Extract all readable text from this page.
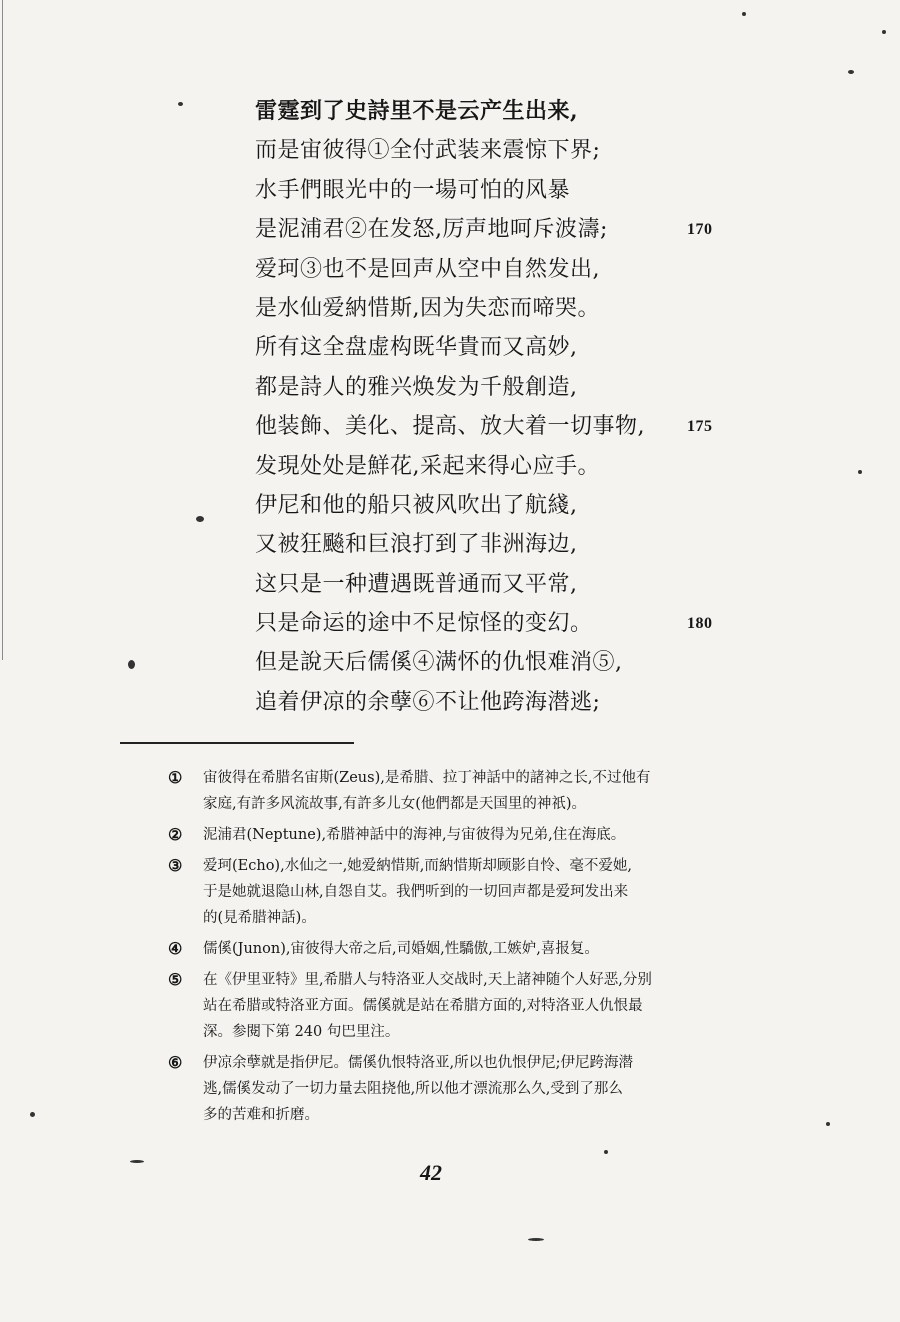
雷霆到了史詩里不是云产生出来,
而是宙彼得①全付武装来震惊下界;
水手們眼光中的一場可怕的风暴
是泥浦君②在发怒,厉声地呵斥波濤;	170
爱珂③也不是回声从空中自然发出,
是水仙爱納惜斯,因为失恋而啼哭。
所有这全盘虚构既华貴而又高妙,
都是詩人的雅兴焕发为千般創造,
他装飾、美化、提高、放大着一切事物,	175
发現处处是鮮花,采起来得心应手。
伊尼和他的船只被风吹出了航綫,
又被狂飈和巨浪打到了非洲海边,
这只是一种遭遇既普通而又平常,
只是命运的途中不足惊怪的变幻。	180
但是說天后儒傒④满怀的仇恨难消⑤,
追着伊凉的余孽⑥不让他跨海潜逃;
① 宙彼得在希腊名宙斯(Zeus),是希腊、拉丁神話中的諸神之长,不过他有
家庭,有許多风流故事,有許多儿女(他們都是天国里的神祇)。
② 泥浦君(Neptune),希腊神話中的海神,与宙彼得为兄弟,住在海底。
③ 爱珂(Echo),水仙之一,她爱納惜斯,而納惜斯却顾影自怜、毫不爱她,
于是她就退隐山林,自怨自艾。我們听到的一切回声都是爱珂发出来
的(見希腊神話)。
④ 儒傒(Junon),宙彼得大帝之后,司婚姻,性驕傲,工嫉妒,喜报复。
⑤ 在《伊里亚特》里,希腊人与特洛亚人交战时,天上諸神随个人好恶,分别
站在希腊或特洛亚方面。儒傒就是站在希腊方面的,对特洛亚人仇恨最
深。参閱下第 240 句巴里注。
⑥ 伊凉余孽就是指伊尼。儒傒仇恨特洛亚,所以也仇恨伊尼;伊尼跨海潜
逃,儒傒发动了一切力量去阻挠他,所以他才漂流那么久,受到了那么
多的苦难和折磨。
42
